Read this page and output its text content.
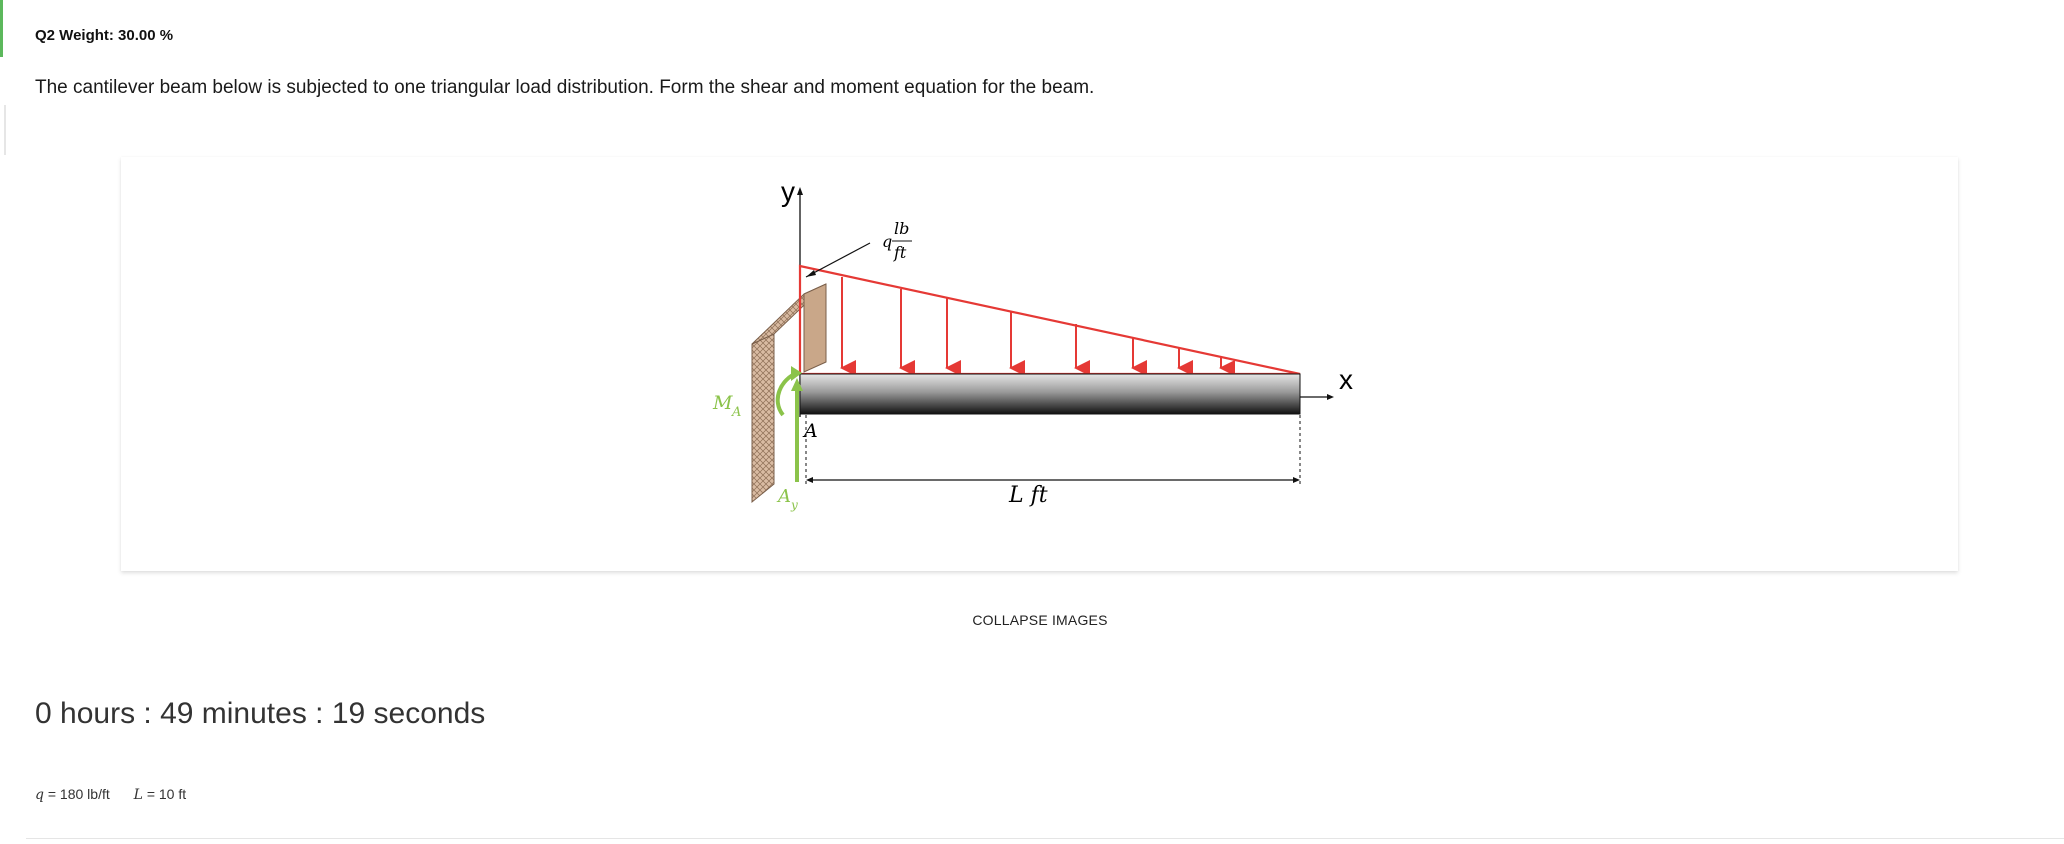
Q2 Weight: 30.00 %
The cantilever beam below is subjected to one triangular load distribution. Form the shear and moment equation for the beam.
y
q
lb
ft
x
M A
A y
A
L ft
COLLAPSE IMAGES
0 hours : 49 minutes : 19 seconds
q = 180 lb/ft L = 10 ft
